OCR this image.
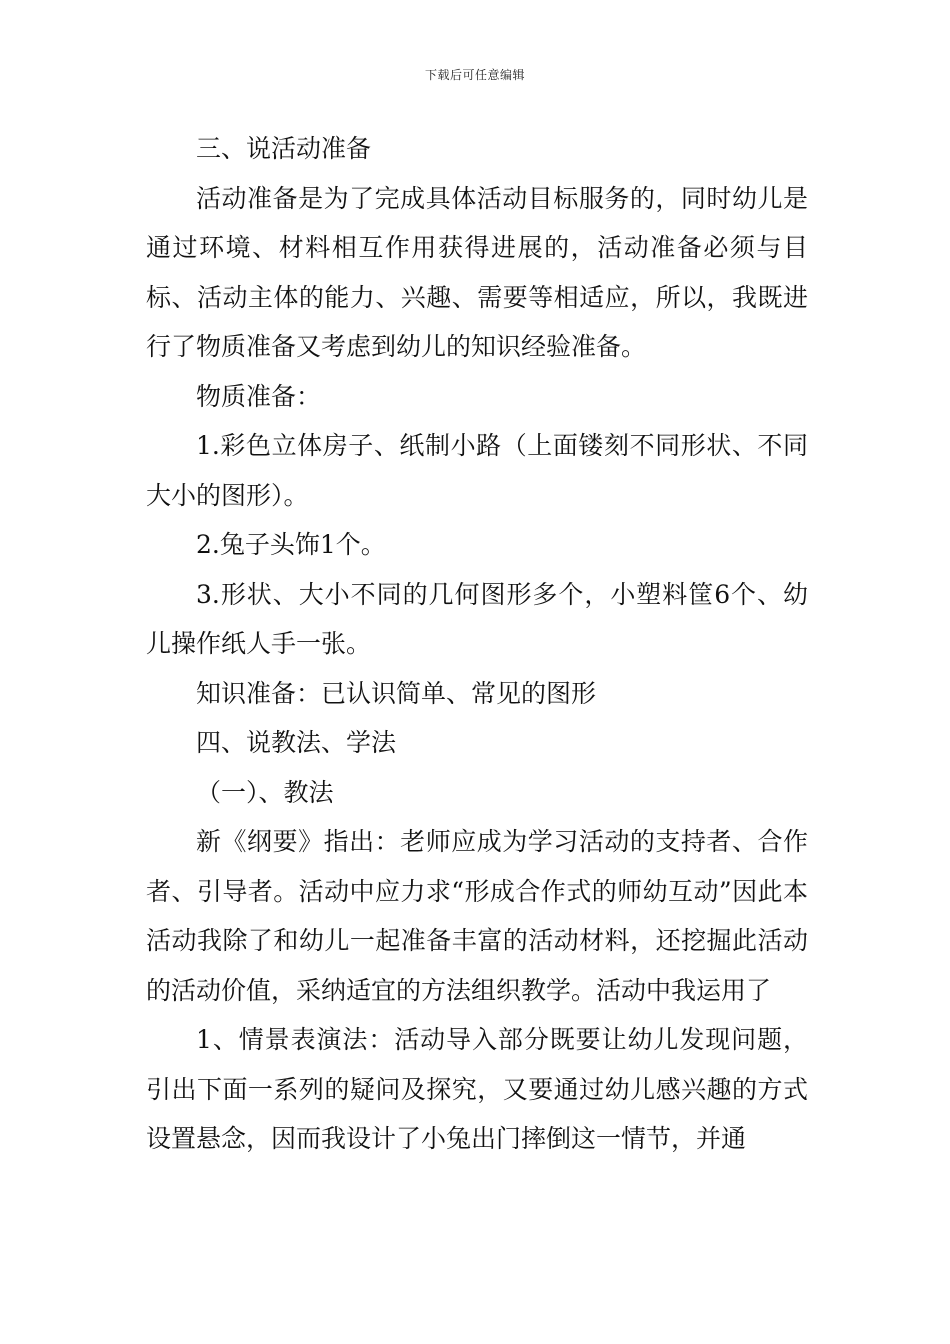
下载后可任意编辑

三、说活动准备

活动准备是为了完成具体活动目标服务的，同时幼儿是通过环境、材料相互作用获得进展的，活动准备必须与目标、活动主体的能力、兴趣、需要等相适应，所以，我既进行了物质准备又考虑到幼儿的知识经验准备。

物质准备：

1.彩色立体房子、纸制小路（上面镂刻不同形状、不同大小的图形）。

2.兔子头饰1个。

3.形状、大小不同的几何图形多个，小塑料筐6个、幼儿操作纸人手一张。

知识准备：已认识简单、常见的图形

四、说教法、学法

（一）、教法

新《纲要》指出：老师应成为学习活动的支持者、合作者、引导者。活动中应力求“形成合作式的师幼互动”因此本活动我除了和幼儿一起准备丰富的活动材料，还挖掘此活动的活动价值，采纳适宜的方法组织教学。活动中我运用了

1、情景表演法：活动导入部分既要让幼儿发现问题，引出下面一系列的疑问及探究，又要通过幼儿感兴趣的方式设置悬念，因而我设计了小兔出门摔倒这一情节，并通
